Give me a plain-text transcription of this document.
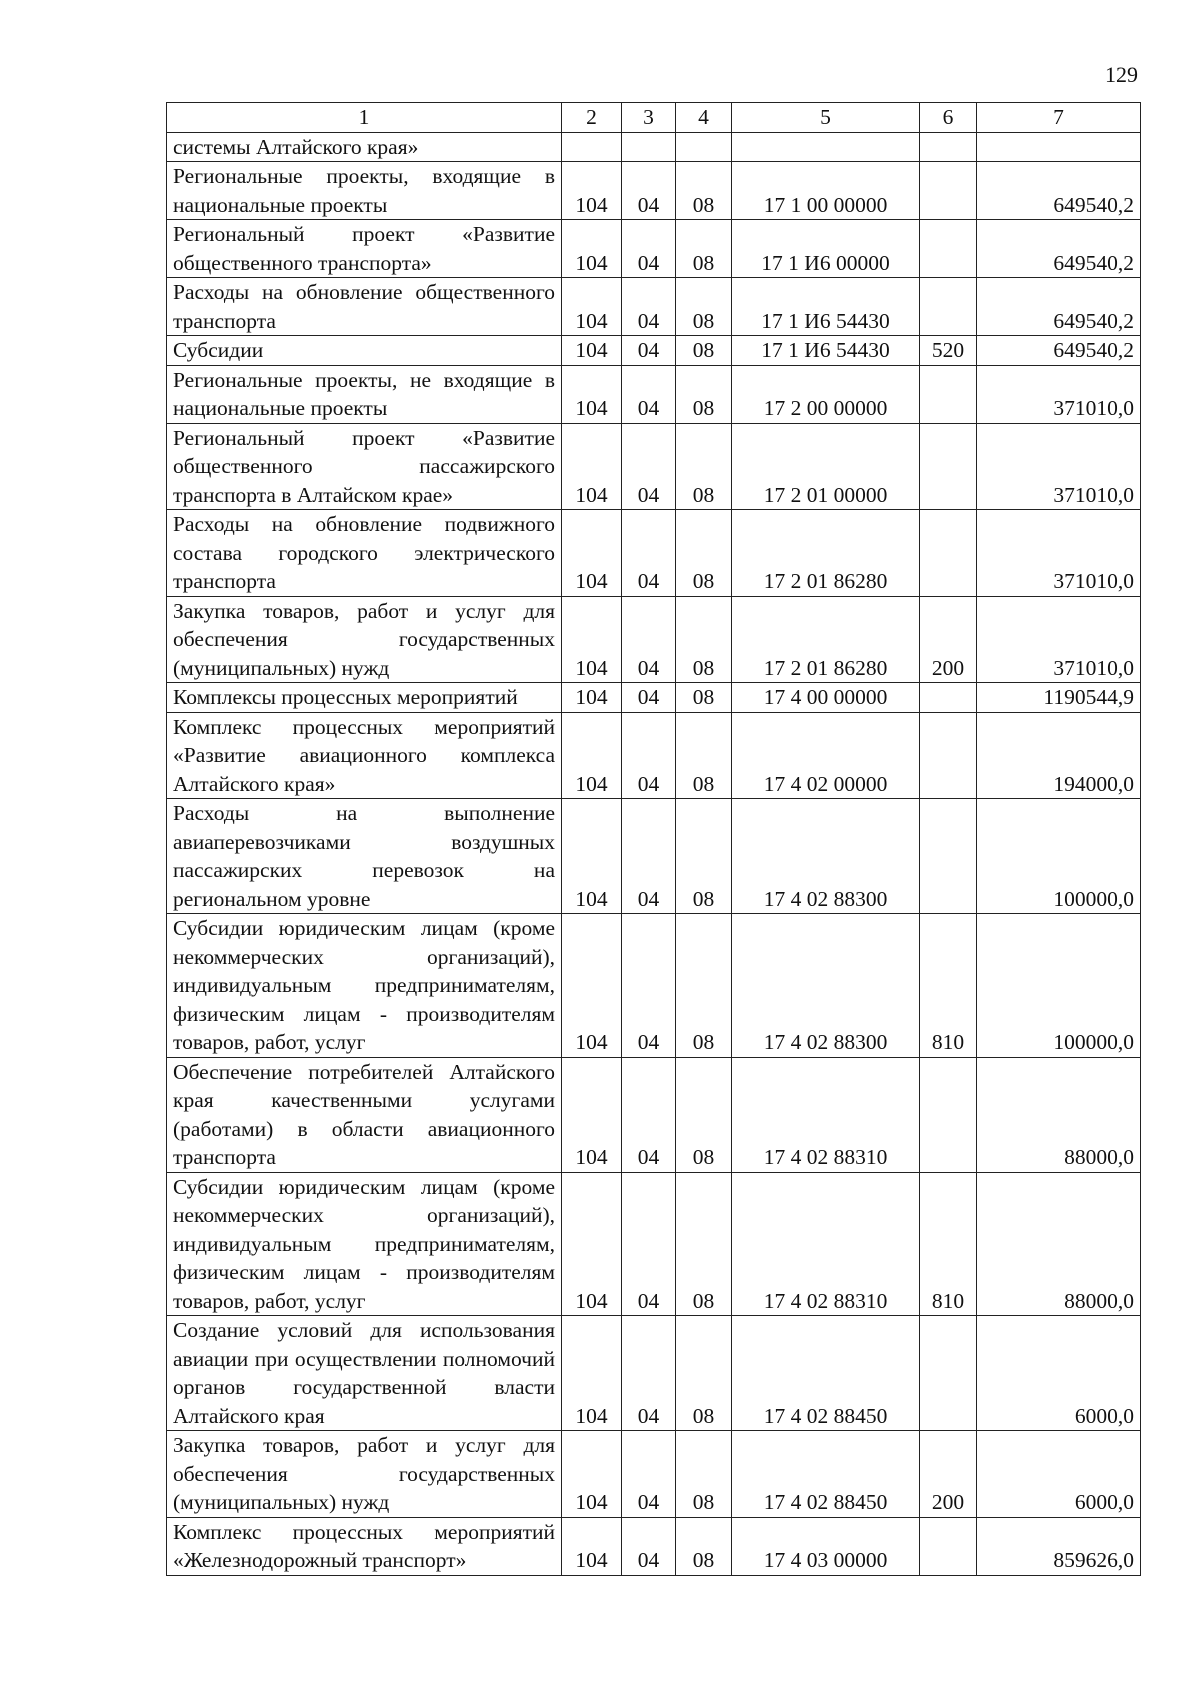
129
1	2	3	4	5	6	7
системы Алтайского края»						
Региональные проекты, входящие в национальные проекты	104	04	08	17 1 00 00000		649540,2
Региональный проект «Развитие общественного транспорта»	104	04	08	17 1 И6 00000		649540,2
Расходы на обновление общественного транспорта	104	04	08	17 1 И6 54430		649540,2
Субсидии	104	04	08	17 1 И6 54430	520	649540,2
Региональные проекты, не входящие в национальные проекты	104	04	08	17 2 00 00000		371010,0
Региональный проект «Развитие общественного пассажирского транспорта в Алтайском крае»	104	04	08	17 2 01 00000		371010,0
Расходы на обновление подвижного состава городского электрического транспорта	104	04	08	17 2 01 86280		371010,0
Закупка товаров, работ и услуг для обеспечения государственных (муниципальных) нужд	104	04	08	17 2 01 86280	200	371010,0
Комплексы процессных мероприятий	104	04	08	17 4 00 00000		1190544,9
Комплекс процессных мероприятий «Развитие авиационного комплекса Алтайского края»	104	04	08	17 4 02 00000		194000,0
Расходы на выполнение авиаперевозчиками воздушных пассажирских перевозок на региональном уровне	104	04	08	17 4 02 88300		100000,0
Субсидии юридическим лицам (кроме некоммерческих организаций), индивидуальным предпринимателям, физическим лицам - производителям товаров, работ, услуг	104	04	08	17 4 02 88300	810	100000,0
Обеспечение потребителей Алтайского края качественными услугами (работами) в области авиационного транспорта	104	04	08	17 4 02 88310		88000,0
Субсидии юридическим лицам (кроме некоммерческих организаций), индивидуальным предпринимателям, физическим лицам - производителям товаров, работ, услуг	104	04	08	17 4 02 88310	810	88000,0
Создание условий для использования авиации при осуществлении полномочий органов государственной власти Алтайского края	104	04	08	17 4 02 88450		6000,0
Закупка товаров, работ и услуг для обеспечения государственных (муниципальных) нужд	104	04	08	17 4 02 88450	200	6000,0
Комплекс процессных мероприятий «Железнодорожный транспорт»	104	04	08	17 4 03 00000		859626,0
